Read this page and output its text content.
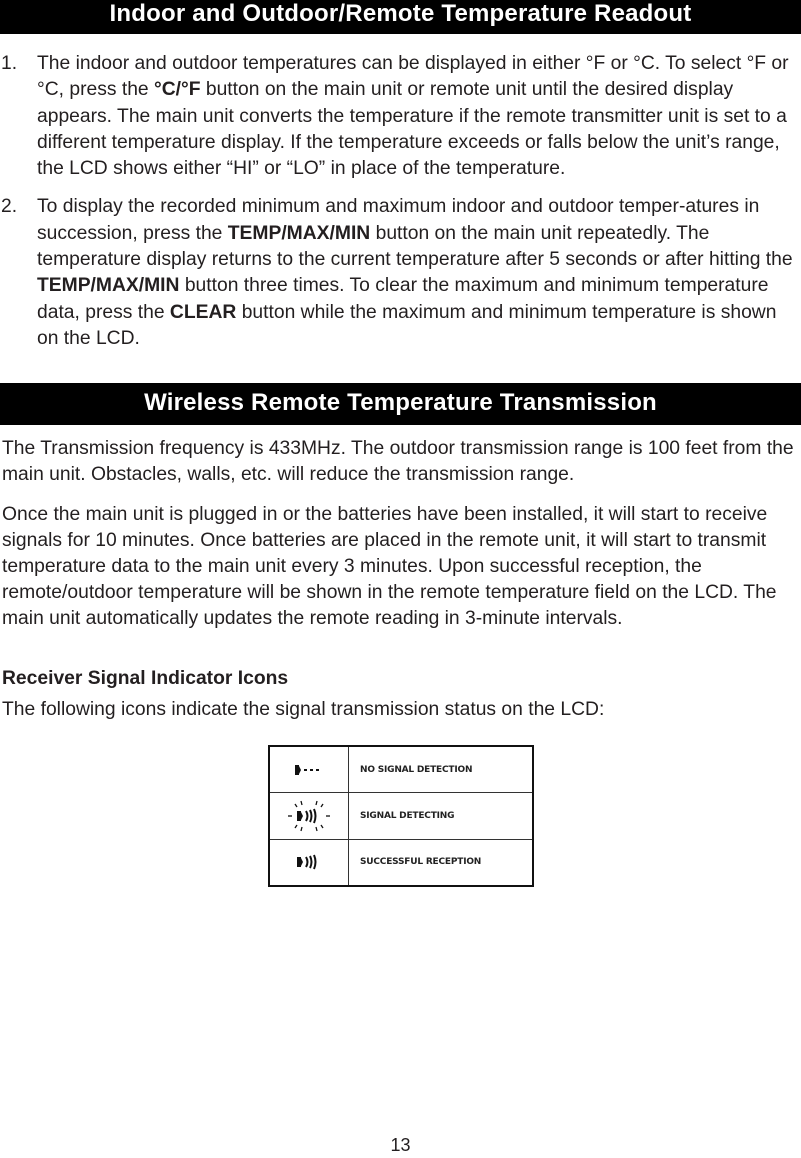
Indoor and Outdoor/Remote Temperature Readout
1. The indoor and outdoor temperatures can be displayed in either °F or °C. To select °F or °C, press the °C/°F button on the main unit or remote unit until the desired display appears. The main unit converts the temperature if the remote transmitter unit is set to a different temperature display. If the temperature exceeds or falls below the unit’s range, the LCD shows either “HI” or “LO” in place of the temperature.
2. To display the recorded minimum and maximum indoor and outdoor temper-atures in succession, press the TEMP/MAX/MIN button on the main unit repeatedly. The temperature display returns to the current temperature after 5 seconds or after hitting the TEMP/MAX/MIN button three times. To clear the maximum and minimum temperature data, press the CLEAR button while the maximum and minimum temperature is shown on the LCD.
Wireless Remote Temperature Transmission

The Transmission frequency is 433MHz. The outdoor transmission range is 100 feet from the main unit. Obstacles, walls, etc. will reduce the transmission range.

Once the main unit is plugged in or the batteries have been installed, it will start to receive signals for 10 minutes. Once batteries are placed in the remote unit, it will start to transmit temperature data to the main unit every 3 minutes. Upon successful reception, the remote/outdoor temperature will be shown in the remote temperature field on the LCD. The main unit automatically updates the remote reading in 3-minute intervals.

Receiver Signal Indicator Icons

The following icons indicate the signal transmission status on the LCD:

	NO SIGNAL DETECTION

	SIGNAL DETECTING

	SUCCESSFUL RECEPTION
13
